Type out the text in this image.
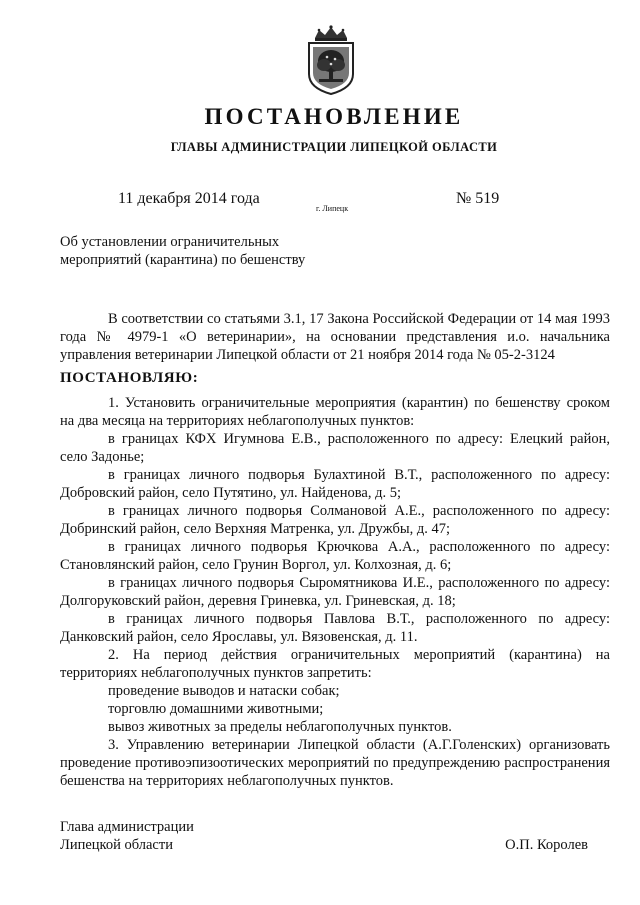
ПОСТАНОВЛЕНИЕ
ГЛАВЫ АДМИНИСТРАЦИИ ЛИПЕЦКОЙ ОБЛАСТИ
11 декабря 2014 года
г. Липецк
№ 519
Об установлении ограничительных
мероприятий (карантина) по бешенству

В соответствии со статьями 3.1, 17 Закона Российской Федерации от 14 мая 1993 года № 4979-1 «О ветеринарии», на основании представления и.о. начальника управления ветеринарии Липецкой области от 21 ноября 2014 года № 05-2-3124

ПОСТАНОВЛЯЮ:

1. Установить ограничительные мероприятия (карантин) по бешенству сроком на два месяца на территориях неблагополучных пунктов:

в границах КФХ Игумнова Е.В., расположенного по адресу: Елецкий район, село Задонье;

в границах личного подворья Булахтиной В.Т., расположенного по адресу: Добровский район, село Путятино, ул. Найденова, д. 5;

в границах личного подворья Солмановой А.Е., расположенного по адресу: Добринский район, село Верхняя Матренка, ул. Дружбы, д. 47;

в границах личного подворья Крючкова А.А., расположенного по адресу: Становлянский район, село Грунин Воргол, ул. Колхозная, д. 6;

в границах личного подворья Сыромятникова И.Е., расположенного по адресу: Долгоруковский район, деревня Гриневка, ул. Гриневская, д. 18;

в границах личного подворья Павлова В.Т., расположенного по адресу: Данковский район, село Ярославы, ул. Вязовенская, д. 11.

2. На период действия ограничительных мероприятий (карантина) на территориях неблагополучных пунктов запретить:

проведение выводов и натаски собак;

торговлю домашними животными;

вывоз животных за пределы неблагополучных пунктов.

3. Управлению ветеринарии Липецкой области (А.Г.Голенских) организовать проведение противоэпизоотических мероприятий по предупреждению распространения бешенства на территориях неблагополучных пунктов.

Глава администрации
Липецкой области	О.П. Королев
